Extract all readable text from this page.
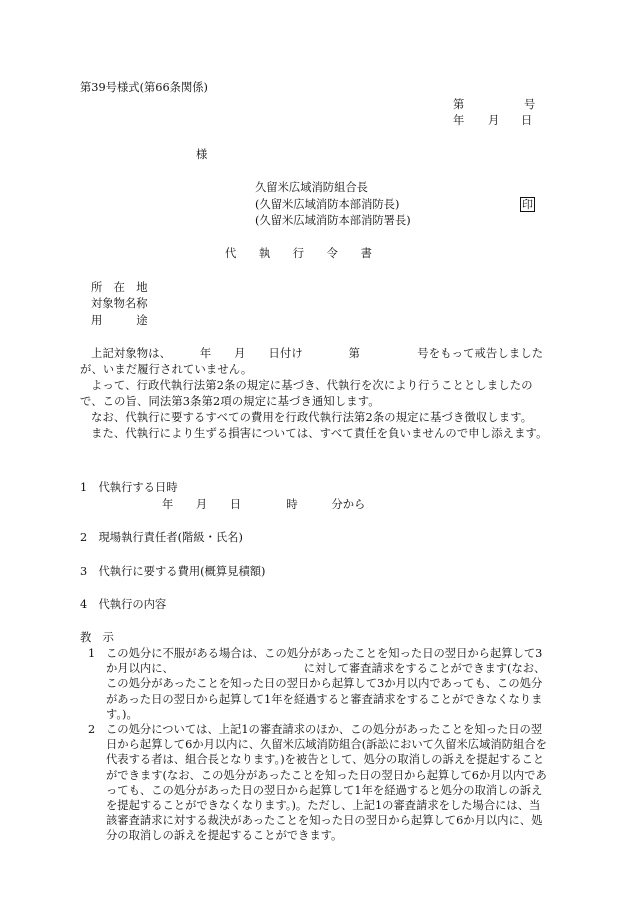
第39号様式(第66条関係)
第	号
年 月 日
様
久留米広域消防組合長
(久留米広域消防本部消防長)
(久留米広域消防本部消防署長)
印
代　　執　　行　　令　　書
所　在　地
対象物名称
用　　　途

上記対象物は、　　　年　　月　　日付け　　　　第　　　　　号をもって戒告しましたが、いまだ履行されていません。

よって、行政代執行法第2条の規定に基づき、代執行を次により行うこととしましたので、この旨、同法第3条第2項の規定に基づき通知します。

なお、代執行に要するすべての費用を行政代執行法第2条の規定に基づき徴収します。

また、代執行により生ずる損害については、すべて責任を負いませんので申し添えます。

1　代執行する日時
年　　月　　日　　　　時　　　分から
2　現場執行責任者(階級・氏名)
3　代執行に要する費用(概算見積額)
4　代執行の内容
教　示
1 この処分に不服がある場合は、この処分があったことを知った日の翌日から起算して3か月以内に、　　　　　　　　　　　　に対して審査請求をすることができます(なお、この処分があったことを知った日の翌日から起算して3か月以内であっても、この処分があった日の翌日から起算して1年を経過すると審査請求をすることができなくなります。)。
2 この処分については、上記1の審査請求のほか、この処分があったことを知った日の翌日から起算して6か月以内に、久留米広域消防組合(訴訟において久留米広域消防組合を代表する者は、組合長となります。)を被告として、処分の取消しの訴えを提起することができます(なお、この処分があったことを知った日の翌日から起算して6か月以内であっても、この処分があった日の翌日から起算して1年を経過すると処分の取消しの訴えを提起することができなくなります。)。ただし、上記1の審査請求をした場合には、当該審査請求に対する裁決があったことを知った日の翌日から起算して6か月以内に、処分の取消しの訴えを提起することができます。
